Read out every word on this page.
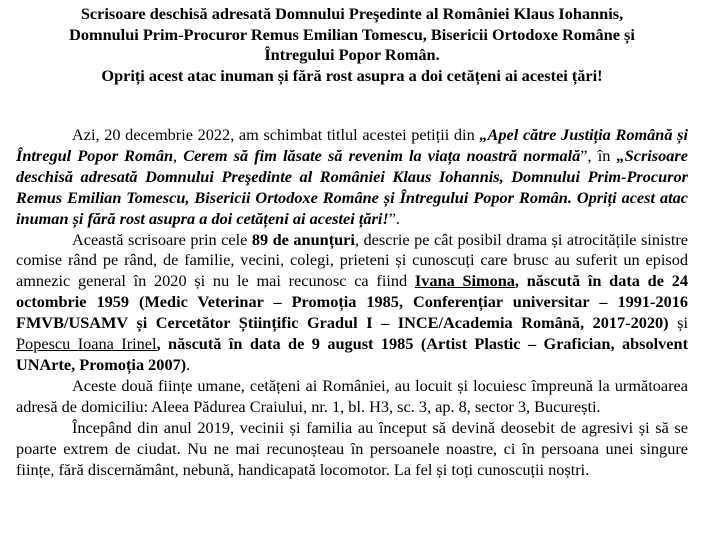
Scrisoare deschisă adresată Domnului Preşedinte al României Klaus Iohannis,
Domnului Prim-Procuror Remus Emilian Tomescu, Bisericii Ortodoxe Române și
Întregului Popor Român.
Opriți acest atac inuman și fără rost asupra a doi cetățeni ai acestei țări!

Azi, 20 decembrie 2022, am schimbat titlul acestei petiții din „Apel către Justiția Română și Întregul Popor Român, Cerem să fim lăsate să revenim la viața noastră normală”, în „Scrisoare deschisă adresată Domnului Preşedinte al României Klaus Iohannis, Domnului Prim-Procuror Remus Emilian Tomescu, Bisericii Ortodoxe Române și Întregului Popor Român. Opriți acest atac inuman și fără rost asupra a doi cetățeni ai acestei țări!”.

Această scrisoare prin cele 89 de anunțuri, descrie pe cât posibil drama și atrocitățile sinistre comise rând pe rând, de familie, vecini, colegi, prieteni și cunoscuți care brusc au suferit un episod amnezic general în 2020 și nu le mai recunosc ca fiind Ivana Simona, născută în data de 24 octombrie 1959 (Medic Veterinar – Promoția 1985, Conferențiar universitar – 1991-2016 FMVB/USAMV și Cercetător Științific Gradul I – INCE/Academia Română, 2017-2020) și Popescu Ioana Irinel, născută în data de 9 august 1985 (Artist Plastic – Grafician, absolvent UNArte, Promoția 2007).

Aceste două ființe umane, cetățeni ai României, au locuit și locuiesc împreună la următoarea adresă de domiciliu: Aleea Pădurea Craiului, nr. 1, bl. H3, sc. 3, ap. 8, sector 3, București.

Începând din anul 2019, vecinii și familia au început să devină deosebit de agresivi și să se poarte extrem de ciudat. Nu ne mai recunoșteau în persoanele noastre, ci în persoana unei singure ființe, fără discernământ, nebună, handicapată locomotor. La fel și toți cunoscuții noștri.
